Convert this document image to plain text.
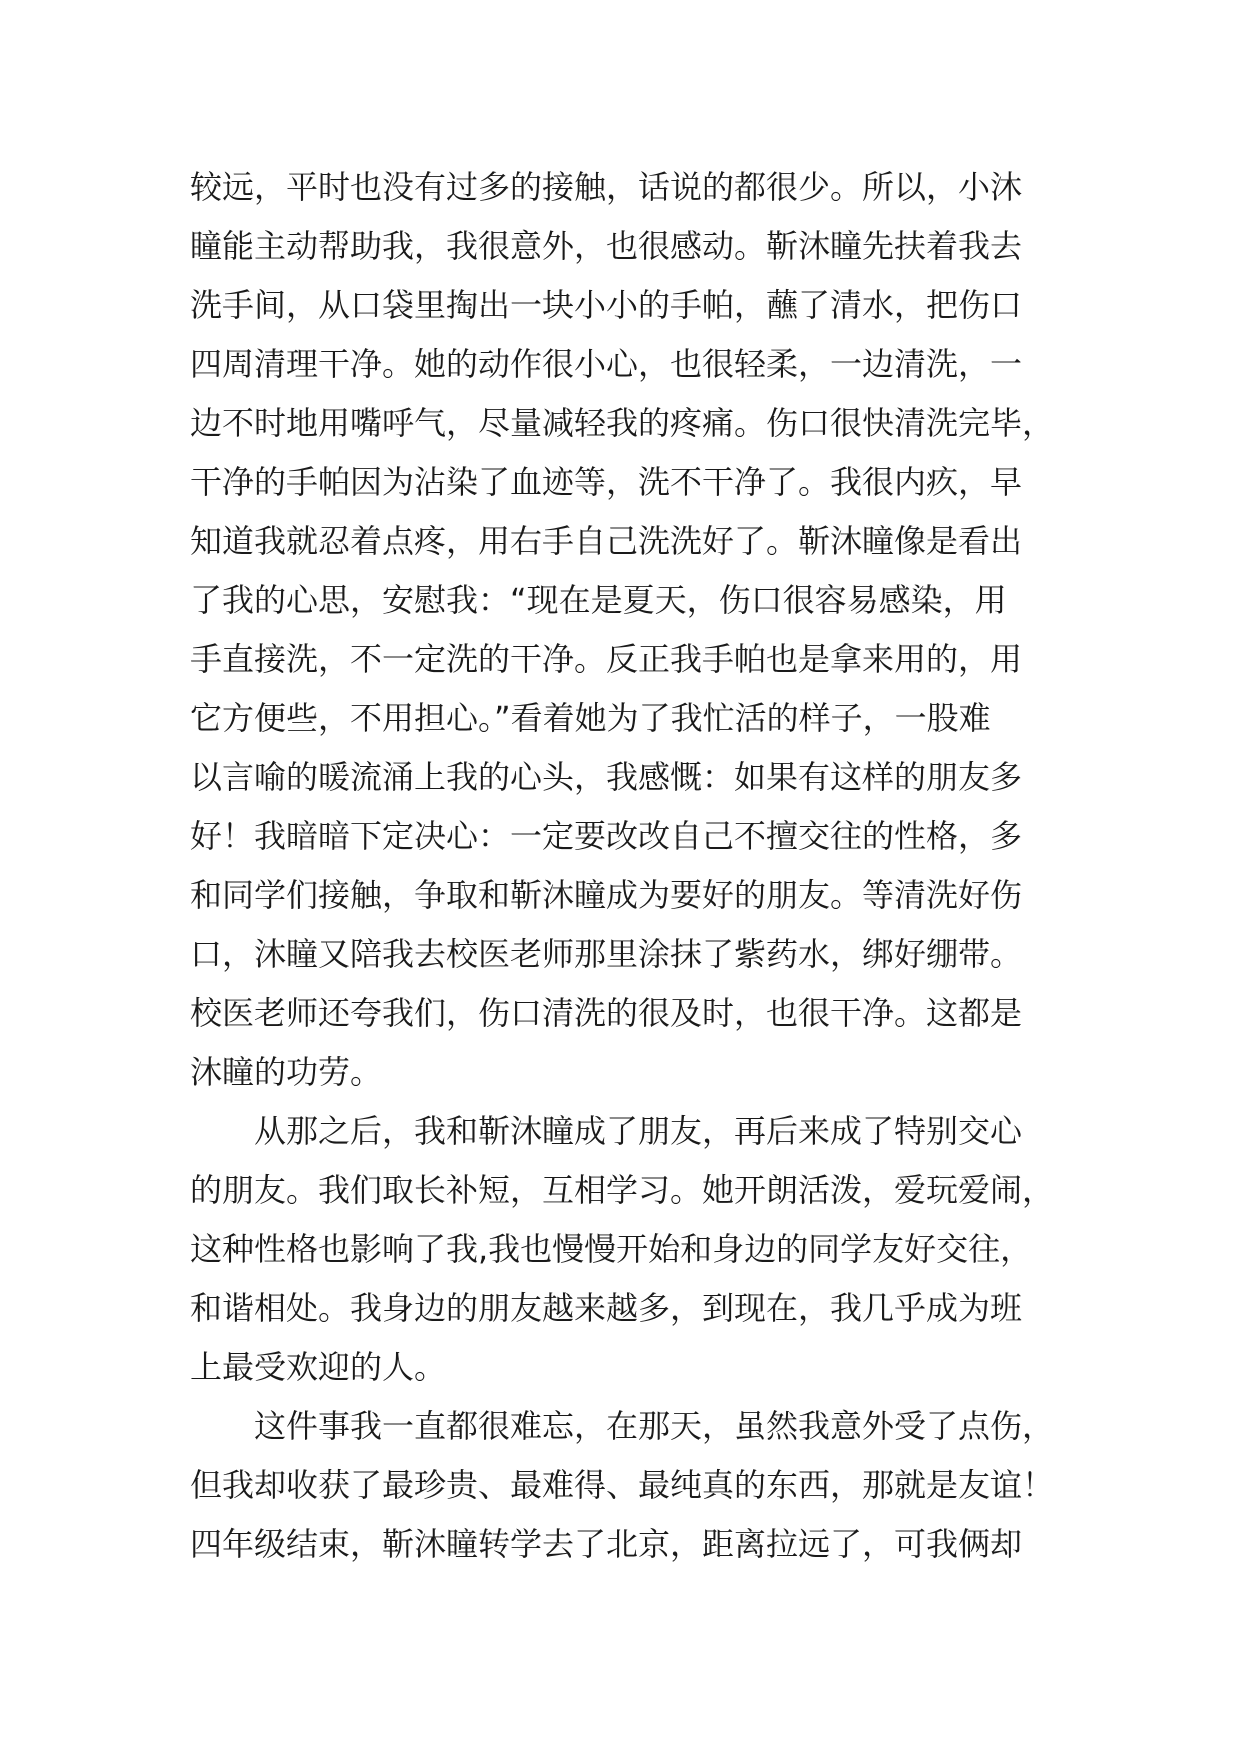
较远，平时也没有过多的接触，话说的都很少。所以，小沐
瞳能主动帮助我，我很意外，也很感动。靳沐瞳先扶着我去
洗手间，从口袋里掏出一块小小的手帕，蘸了清水，把伤口
四周清理干净。她的动作很小心，也很轻柔，一边清洗，一
边不时地用嘴呼气，尽量减轻我的疼痛。伤口很快清洗完毕，
干净的手帕因为沾染了血迹等，洗不干净了。我很内疚，早
知道我就忍着点疼，用右手自己洗洗好了。靳沐瞳像是看出
了我的心思，安慰我：“现在是夏天，伤口很容易感染，用
手直接洗，不一定洗的干净。反正我手帕也是拿来用的，用
它方便些，不用担心。”看着她为了我忙活的样子，一股难
以言喻的暖流涌上我的心头，我感慨：如果有这样的朋友多
好！我暗暗下定决心：一定要改改自己不擅交往的性格，多
和同学们接触，争取和靳沐瞳成为要好的朋友。等清洗好伤
口，沐瞳又陪我去校医老师那里涂抹了紫药水，绑好绷带。
校医老师还夸我们，伤口清洗的很及时，也很干净。这都是
沐瞳的功劳。
从那之后，我和靳沐瞳成了朋友，再后来成了特别交心
的朋友。我们取长补短，互相学习。她开朗活泼，爱玩爱闹，
这种性格也影响了我,我也慢慢开始和身边的同学友好交往，
和谐相处。我身边的朋友越来越多，到现在，我几乎成为班
上最受欢迎的人。
这件事我一直都很难忘，在那天，虽然我意外受了点伤，
但我却收获了最珍贵、最难得、最纯真的东西，那就是友谊！
四年级结束，靳沐瞳转学去了北京，距离拉远了，可我俩却
